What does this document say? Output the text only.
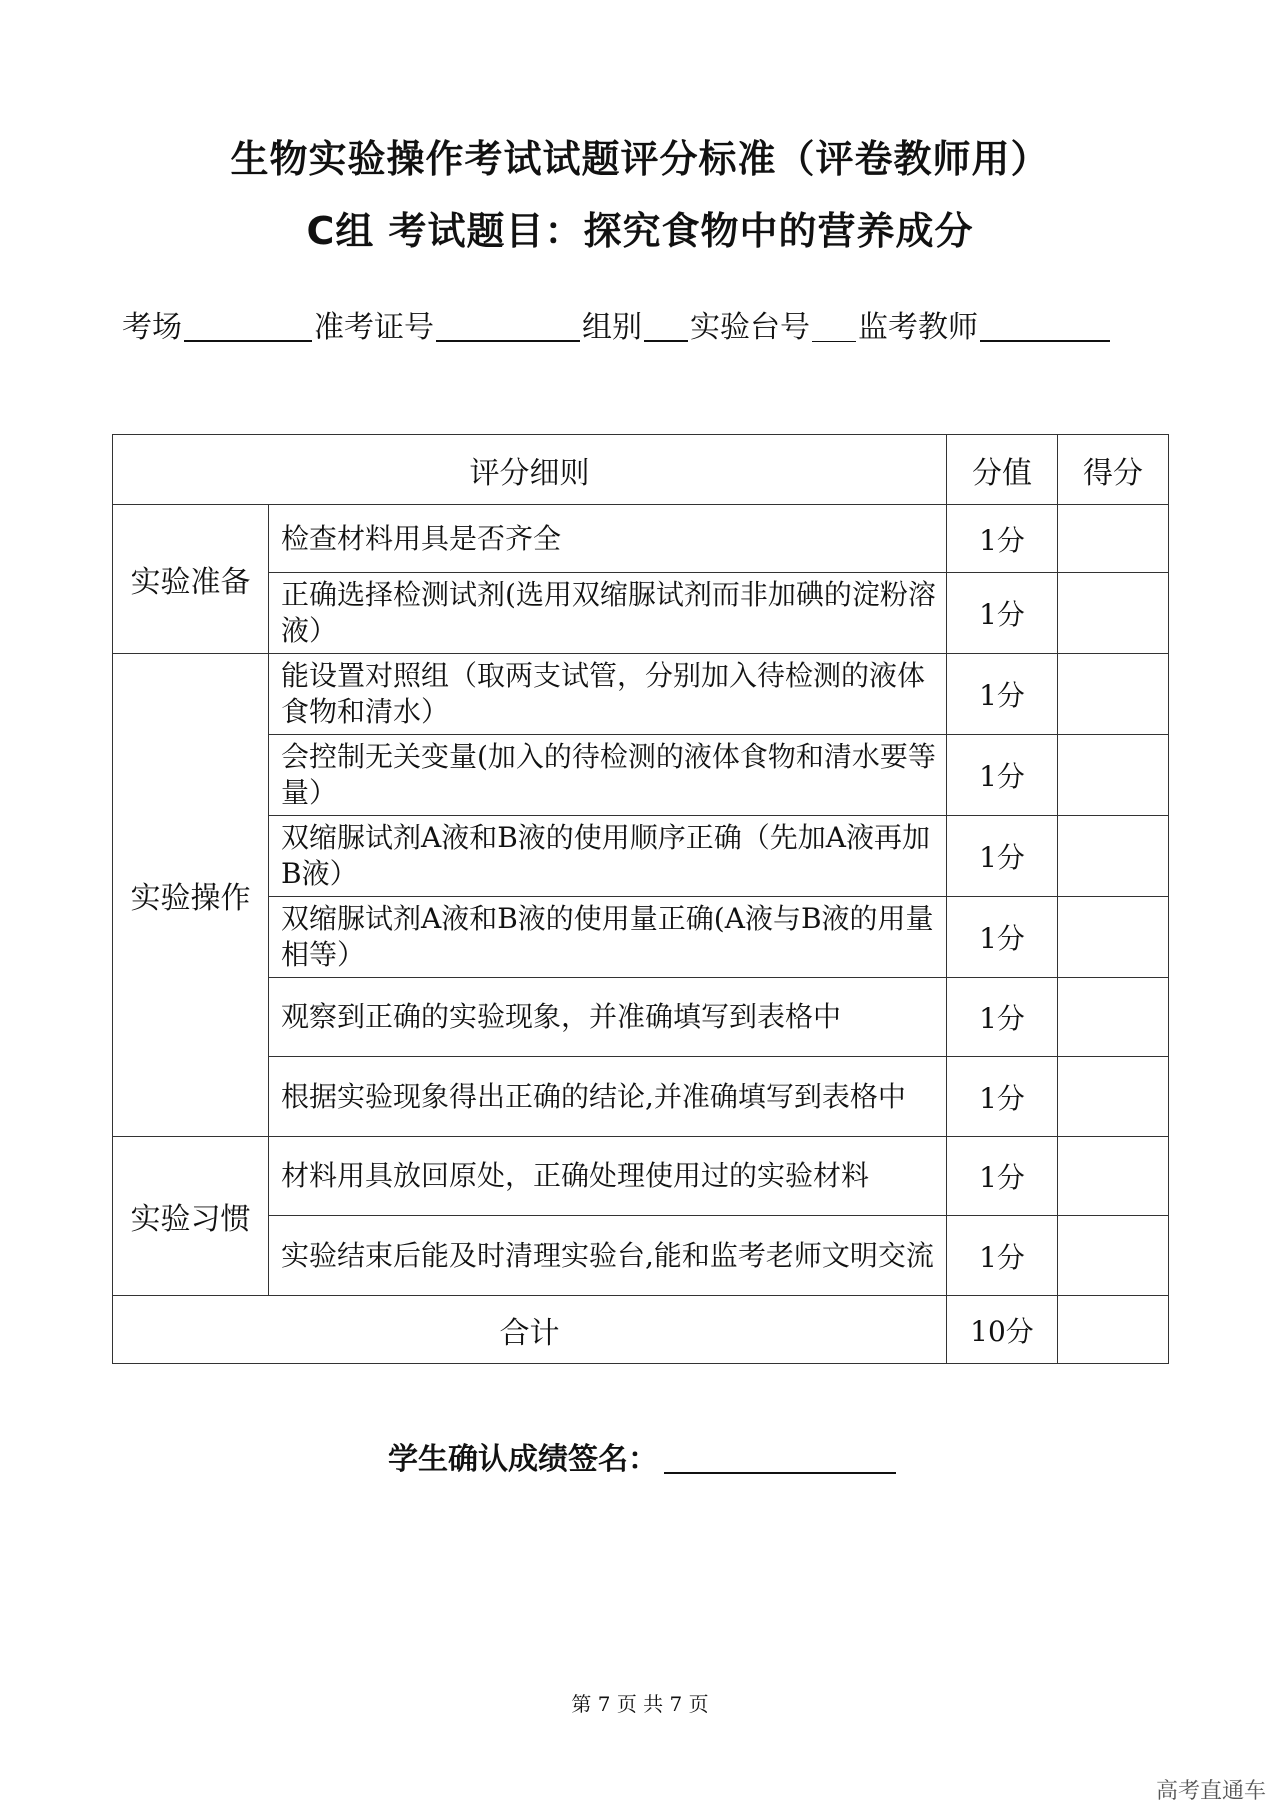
生物实验操作考试试题评分标准（评卷教师用）
C组 考试题目：探究食物中的营养成分
考场	准考证号	组别 实验台号 监考教师
评分细则		分值	得分
实验准备	检查材料用具是否齐全	1分	
	正确选择检测试剂(选用双缩脲试剂而非加碘的淀粉溶液）	1分	
实验操作	能设置对照组（取两支试管，分别加入待检测的液体食物和清水）	1分	
	会控制无关变量(加入的待检测的液体食物和清水要等量）	1分	
	双缩脲试剂A液和B液的使用顺序正确（先加A液再加B液）	1分	
	双缩脲试剂A液和B液的使用量正确(A液与B液的用量相等）	1分	
	观察到正确的实验现象，并准确填写到表格中	1分	
	根据实验现象得出正确的结论,并准确填写到表格中	1分	
实验习惯	材料用具放回原处，正确处理使用过的实验材料	1分	
	实验结束后能及时清理实验台,能和监考老师文明交流	1分	
合计		10分	
学生确认成绩签名：
第 7 页 共 7 页
高考直通车
